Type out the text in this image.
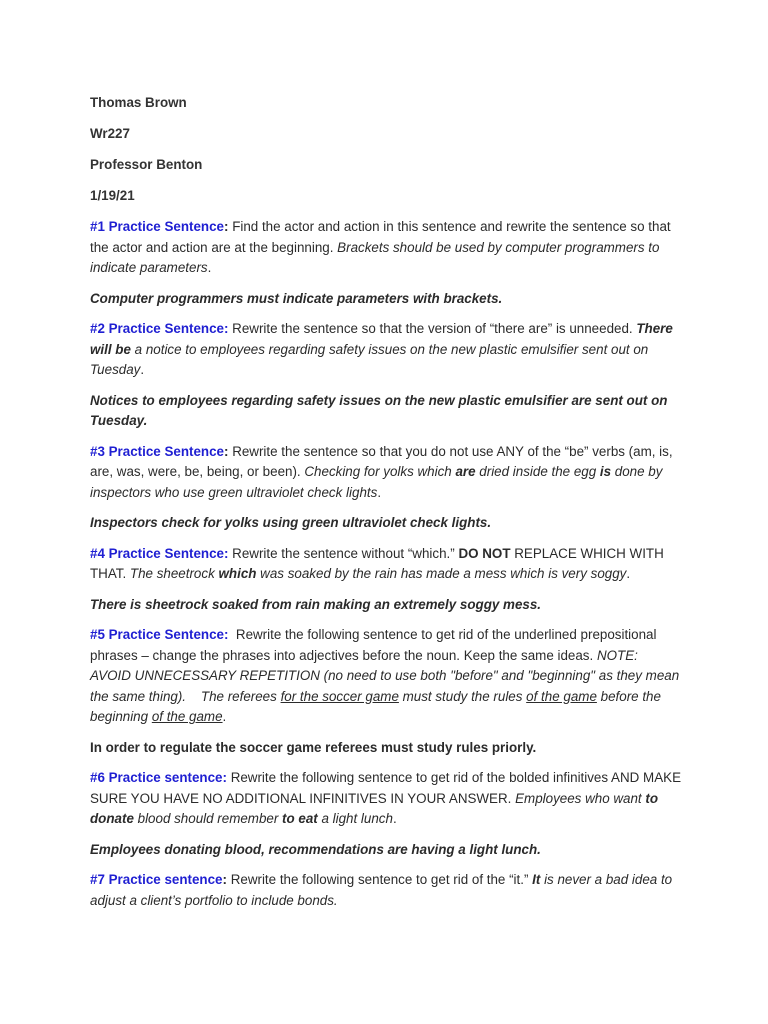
Thomas Brown
Wr227
Professor Benton
1/19/21
#1 Practice Sentence: Find the actor and action in this sentence and rewrite the sentence so that the actor and action are at the beginning. Brackets should be used by computer programmers to indicate parameters.
Computer programmers must indicate parameters with brackets.
#2 Practice Sentence: Rewrite the sentence so that the version of “there are” is unneeded. There will be a notice to employees regarding safety issues on the new plastic emulsifier sent out on Tuesday.
Notices to employees regarding safety issues on the new plastic emulsifier are sent out on Tuesday.
#3 Practice Sentence: Rewrite the sentence so that you do not use ANY of the “be” verbs (am, is, are, was, were, be, being, or been). Checking for yolks which are dried inside the egg is done by inspectors who use green ultraviolet check lights.
Inspectors check for yolks using green ultraviolet check lights.
#4 Practice Sentence: Rewrite the sentence without “which.” DO NOT REPLACE WHICH WITH THAT. The sheetrock which was soaked by the rain has made a mess which is very soggy.
There is sheetrock soaked from rain making an extremely soggy mess.
#5 Practice Sentence:  Rewrite the following sentence to get rid of the underlined prepositional phrases – change the phrases into adjectives before the noun. Keep the same ideas. NOTE: AVOID UNNECESSARY REPETITION (no need to use both "before" and "beginning" as they mean the same thing).    The referees for the soccer game must study the rules of the game before the beginning of the game.
In order to regulate the soccer game referees must study rules priorly.
#6 Practice sentence: Rewrite the following sentence to get rid of the bolded infinitives AND MAKE SURE YOU HAVE NO ADDITIONAL INFINITIVES IN YOUR ANSWER. Employees who want to donate blood should remember to eat a light lunch.
Employees donating blood, recommendations are having a light lunch.
#7 Practice sentence: Rewrite the following sentence to get rid of the “it.” It is never a bad idea to adjust a client’s portfolio to include bonds.
